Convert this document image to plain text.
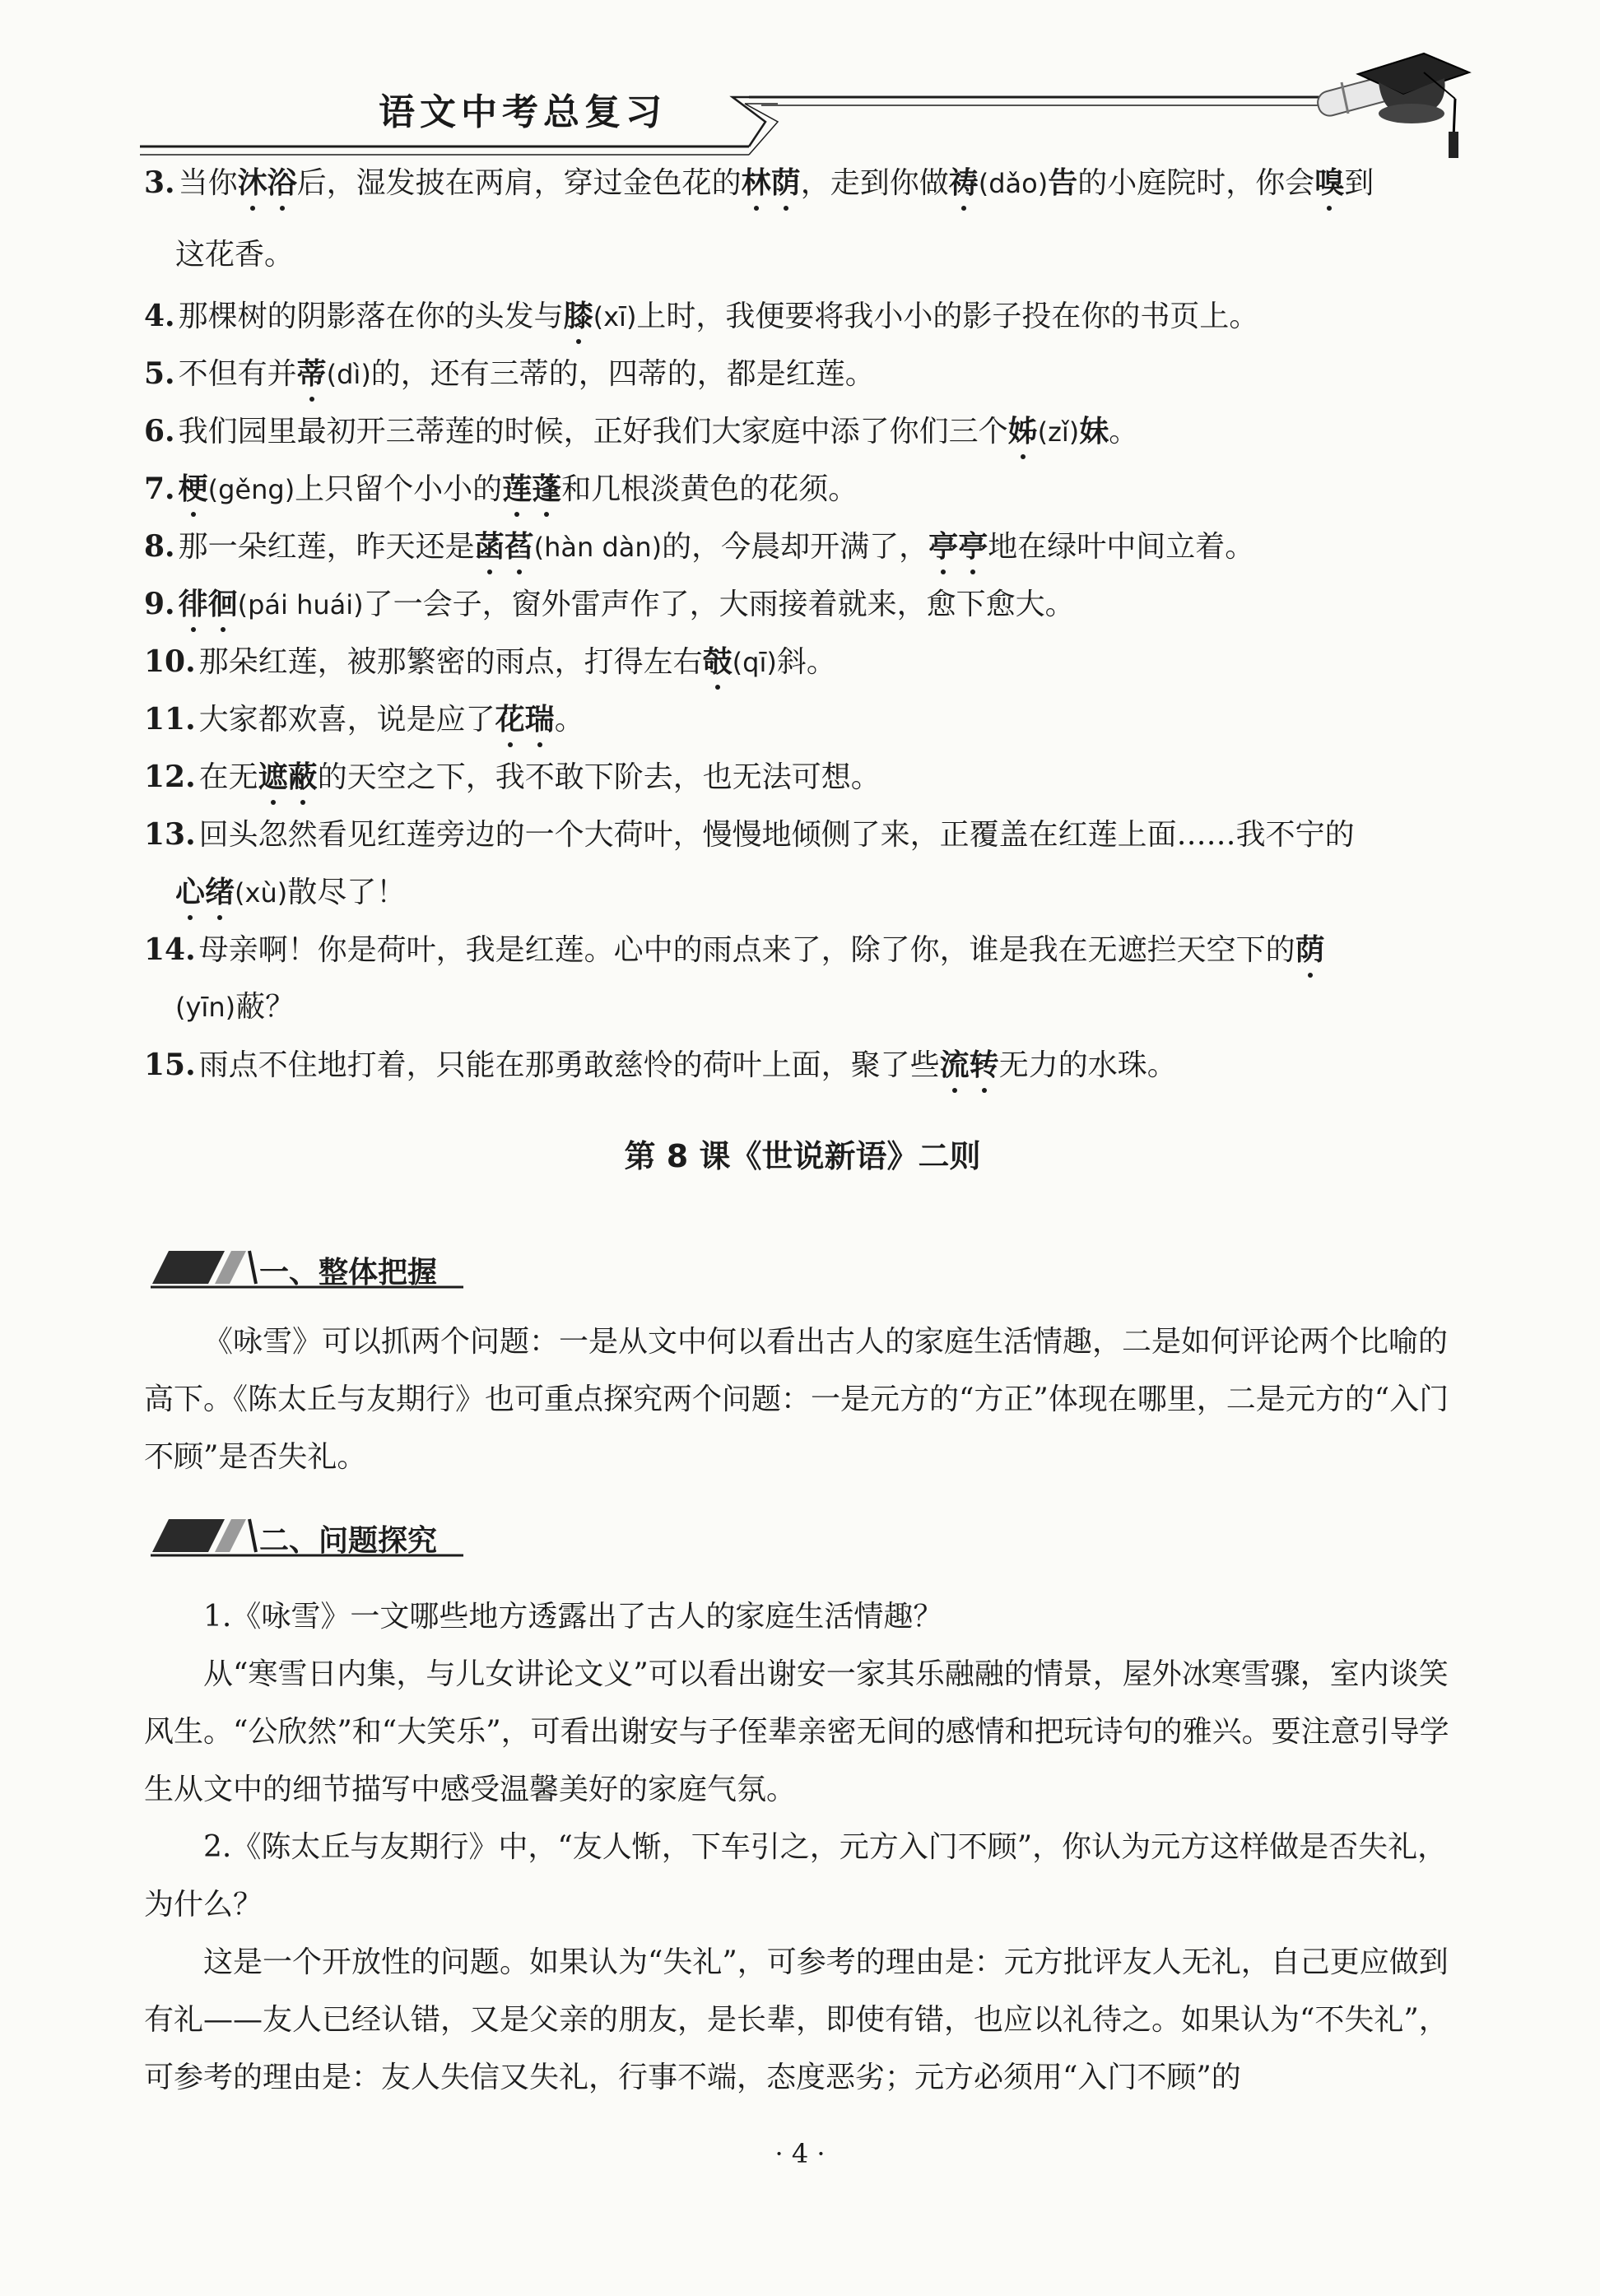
语文中考总复习
3. 当你沐浴后，湿发披在两肩，穿过金色花的林荫，走到你做祷(dǎo)告的小庭院时，你会嗅到
这花香。
4. 那棵树的阴影落在你的头发与膝(xī)上时，我便要将我小小的影子投在你的书页上。
5. 不但有并蒂(dì)的，还有三蒂的，四蒂的，都是红莲。
6. 我们园里最初开三蒂莲的时候，正好我们大家庭中添了你们三个姊(zǐ)妹。
7. 梗(gěng)上只留个小小的莲蓬和几根淡黄色的花须。
8. 那一朵红莲，昨天还是菡萏(hàn dàn)的，今晨却开满了，亭亭地在绿叶中间立着。
9. 徘徊(pái huái)了一会子，窗外雷声作了，大雨接着就来，愈下愈大。
10. 那朵红莲，被那繁密的雨点，打得左右攲(qī)斜。
11. 大家都欢喜，说是应了花瑞。
12. 在无遮蔽的天空之下，我不敢下阶去，也无法可想。
13. 回头忽然看见红莲旁边的一个大荷叶，慢慢地倾侧了来，正覆盖在红莲上面……我不宁的
心绪(xù)散尽了！
14. 母亲啊！你是荷叶，我是红莲。心中的雨点来了，除了你，谁是我在无遮拦天空下的荫
(yīn)蔽？
15. 雨点不住地打着，只能在那勇敢慈怜的荷叶上面，聚了些流转无力的水珠。
第 8 课《世说新语》二则
一、整体把握
《咏雪》可以抓两个问题：一是从文中何以看出古人的家庭生活情趣，二是如何评论两个比喻的高下。《陈太丘与友期行》也可重点探究两个问题：一是元方的“方正”体现在哪里，二是元方的“入门不顾”是否失礼。
二、问题探究
1.《咏雪》一文哪些地方透露出了古人的家庭生活情趣？
从“寒雪日内集，与儿女讲论文义”可以看出谢安一家其乐融融的情景，屋外冰寒雪骤，室内谈笑风生。“公欣然”和“大笑乐”，可看出谢安与子侄辈亲密无间的感情和把玩诗句的雅兴。要注意引导学生从文中的细节描写中感受温馨美好的家庭气氛。
2.《陈太丘与友期行》中，“友人惭，下车引之，元方入门不顾”，你认为元方这样做是否失礼，为什么？
这是一个开放性的问题。如果认为“失礼”，可参考的理由是：元方批评友人无礼，自己更应做到有礼——友人已经认错，又是父亲的朋友，是长辈，即使有错，也应以礼待之。如果认为“不失礼”，可参考的理由是：友人失信又失礼，行事不端，态度恶劣；元方必须用“入门不顾”的
· 4 ·
